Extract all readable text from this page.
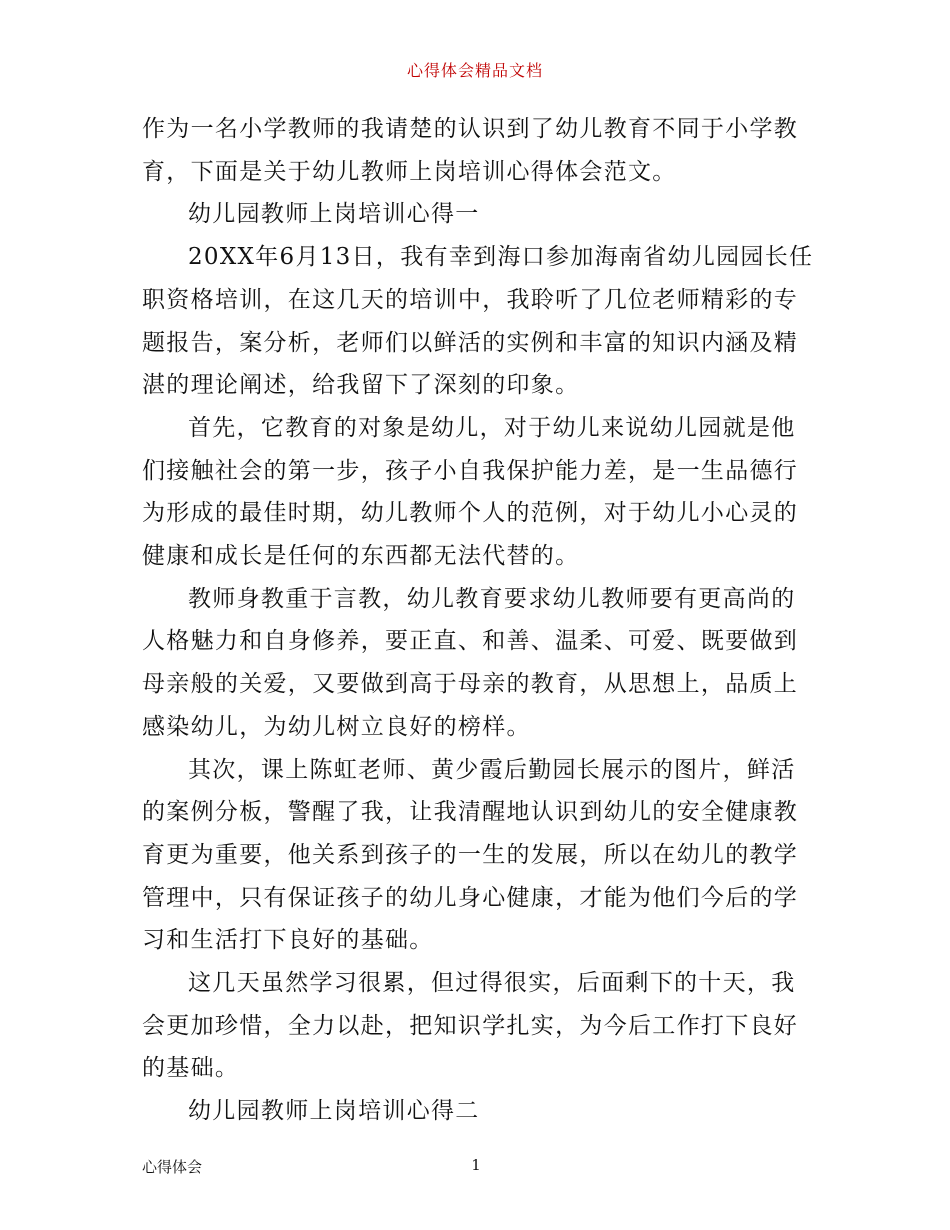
心得体会精品文档

作为一名小学教师的我请楚的认识到了幼儿教育不同于小学教育，下面是关于幼儿教师上岗培训心得体会范文。

幼儿园教师上岗培训心得一

20XX年6月13日，我有幸到海口参加海南省幼儿园园长任职资格培训，在这几天的培训中，我聆听了几位老师精彩的专题报告，案分析，老师们以鲜活的实例和丰富的知识内涵及精湛的理论阐述，给我留下了深刻的印象。

首先，它教育的对象是幼儿，对于幼儿来说幼儿园就是他们接触社会的第一步，孩子小自我保护能力差，是一生品德行为形成的最佳时期，幼儿教师个人的范例，对于幼儿小心灵的健康和成长是任何的东西都无法代替的。

教师身教重于言教，幼儿教育要求幼儿教师要有更高尚的人格魅力和自身修养，要正直、和善、温柔、可爱、既要做到母亲般的关爱，又要做到高于母亲的教育，从思想上，品质上感染幼儿，为幼儿树立良好的榜样。

其次，课上陈虹老师、黄少霞后勤园长展示的图片，鲜活的案例分板，警醒了我，让我清醒地认识到幼儿的安全健康教育更为重要，他关系到孩子的一生的发展，所以在幼儿的教学管理中，只有保证孩子的幼儿身心健康，才能为他们今后的学习和生活打下良好的基础。

这几天虽然学习很累，但过得很实，后面剩下的十天，我会更加珍惜，全力以赴，把知识学扎实，为今后工作打下良好的基础。

幼儿园教师上岗培训心得二

心得体会	1
